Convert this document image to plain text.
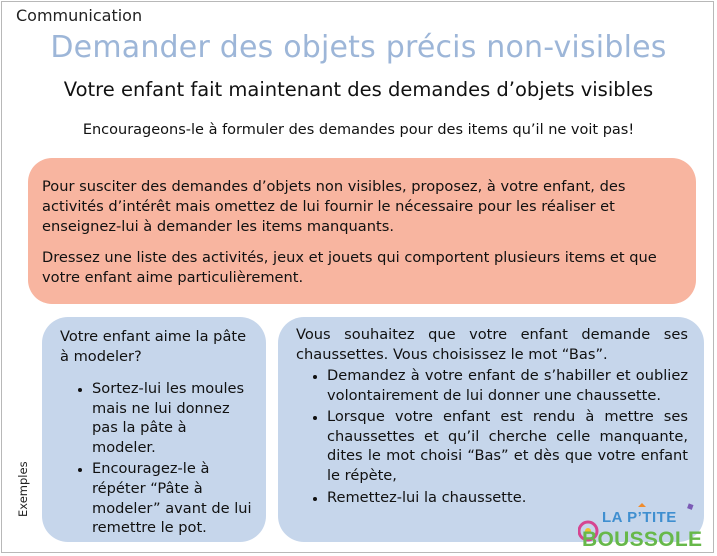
Communication
Demander des objets précis non-visibles
Votre enfant fait maintenant des demandes d’objets visibles
Encourageons-le à formuler des demandes pour des items qu’il ne voit pas!

Pour susciter des demandes d’objets non visibles, proposez, à votre enfant, des activités d’intérêt mais omettez de lui fournir le nécessaire pour les réaliser et enseignez-lui à demander les items manquants.

Dressez une liste des activités, jeux et jouets qui comportent plusieurs items et que votre enfant aime particulièrement.

Exemples

Votre enfant aime la pâte à modeler?

• Sortez-lui les moules mais ne lui donnez pas la pâte à modeler.
• Encouragez-le à répéter “Pâte à modeler” avant de lui remettre le pot.

Vous souhaitez que votre enfant demande ses chaussettes. Vous choisissez le mot “Bas”.

• Demandez à votre enfant de s’habiller et oubliez volontairement de lui donner une chaussette.
• Lorsque votre enfant est rendu à mettre ses chaussettes et qu’il cherche celle manquante, dites le mot choisi “Bas” et dès que votre enfant le répète,
• Remettez-lui la chaussette.
LA P’TITE
BOUSSOLE
